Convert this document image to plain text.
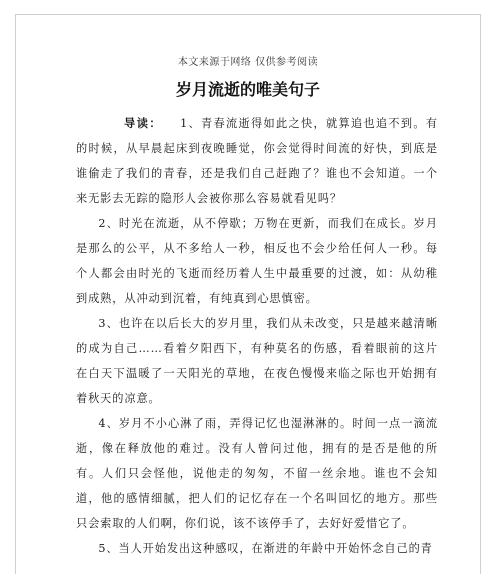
本文来源于网络 仅供参考阅读
岁月流逝的唯美句子

导读： 1、青春流逝得如此之快，就算追也追不到。有的时候，从早晨起床到夜晚睡觉，你会觉得时间流的好快，到底是谁偷走了我们的青春，还是我们自己赶跑了？谁也不会知道。一个来无影去无踪的隐形人会被你那么容易就看见吗？

2、时光在流逝，从不停歇；万物在更新，而我们在成长。岁月是那么的公平，从不多给人一秒，相反也不会少给任何人一秒。每个人都会由时光的飞逝而经历着人生中最重要的过渡，如：从幼稚到成熟，从冲动到沉着，有纯真到心思慎密。

3、也许在以后长大的岁月里，我们从未改变，只是越来越清晰的成为自己……看着夕阳西下，有种莫名的伤感，看着眼前的这片在白天下温暖了一天阳光的草地，在夜色慢慢来临之际也开始拥有着秋天的凉意。

4、岁月不小心淋了雨，弄得记忆也湿淋淋的。时间一点一滴流逝，像在释放他的难过。没有人曾问过他，拥有的是否是他的所有。人们只会怪他，说他走的匆匆，不留一丝余地。谁也不会知道，他的感情细腻，把人们的记忆存在一个名叫回忆的地方。那些只会索取的人们啊，你们说，该不该停手了，去好好爱惜它了。

5、当人开始发出这种感叹，在渐进的年龄中开始怀念自己的青
